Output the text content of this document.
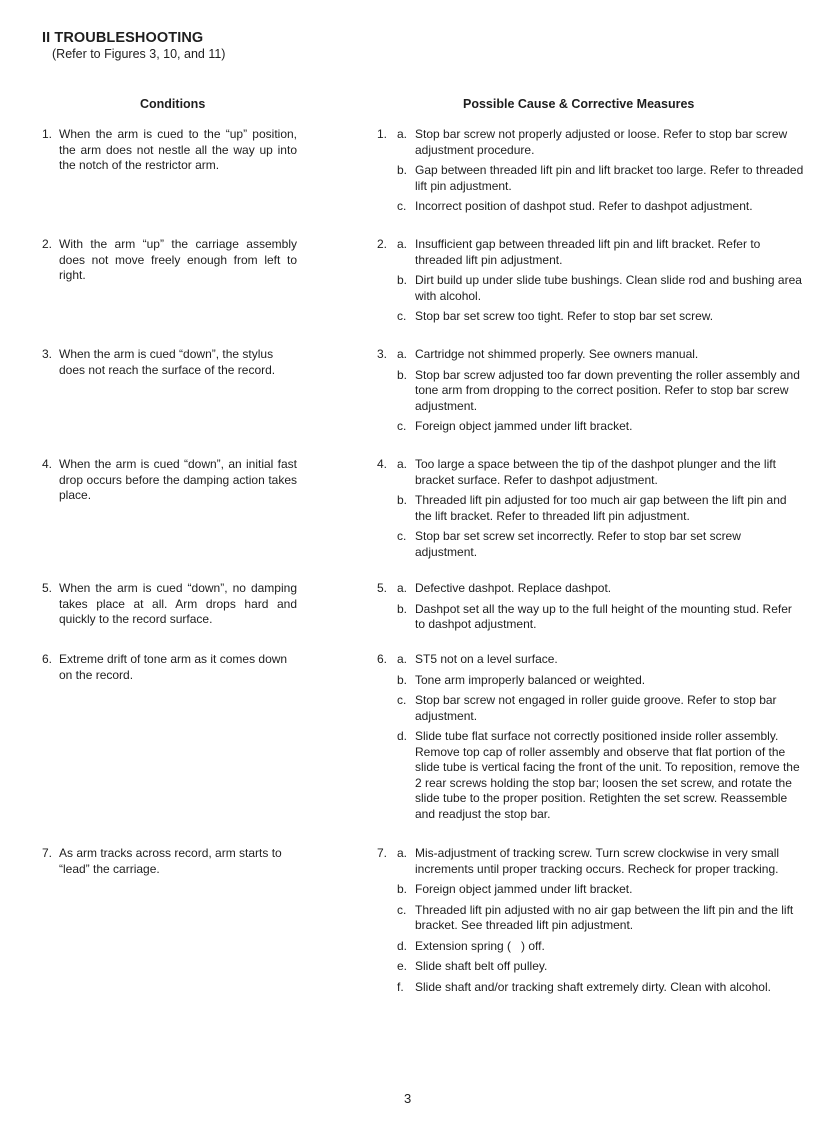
II TROUBLESHOOTING
(Refer to Figures 3, 10, and 11)
Conditions	Possible Cause & Corrective Measures
1. When the arm is cued to the “up” position, the arm does not nestle all the way up into the notch of the restrictor arm.
1. a. Stop bar screw not properly adjusted or loose. Refer to stop bar screw adjustment procedure.
b. Gap between threaded lift pin and lift bracket too large. Refer to threaded lift pin adjustment.
c. Incorrect position of dashpot stud. Refer to dashpot adjustment.
2. With the arm “up” the carriage assembly does not move freely enough from left to right.
2. a. Insufficient gap between threaded lift pin and lift bracket. Refer to threaded lift pin adjustment.
b. Dirt build up under slide tube bushings. Clean slide rod and bushing area with alcohol.
c. Stop bar set screw too tight. Refer to stop bar set screw.
3. When the arm is cued “down”, the stylus does not reach the surface of the record.
3. a. Cartridge not shimmed properly. See owners manual.
b. Stop bar screw adjusted too far down preventing the roller assembly and tone arm from dropping to the correct position. Refer to stop bar screw adjustment.
c. Foreign object jammed under lift bracket.
4. When the arm is cued “down”, an initial fast drop occurs before the damping action takes place.
4. a. Too large a space between the tip of the dashpot plunger and the lift bracket surface. Refer to dashpot adjustment.
b. Threaded lift pin adjusted for too much air gap between the lift pin and the lift bracket. Refer to threaded lift pin adjustment.
c. Stop bar set screw set incorrectly. Refer to stop bar set screw adjustment.
5. When the arm is cued “down”, no damping takes place at all. Arm drops hard and quickly to the record surface.
5. a. Defective dashpot. Replace dashpot.
b. Dashpot set all the way up to the full height of the mounting stud. Refer to dashpot adjustment.
6. Extreme drift of tone arm as it comes down on the record.
6. a. ST5 not on a level surface.
b. Tone arm improperly balanced or weighted.
c. Stop bar screw not engaged in roller guide groove. Refer to stop bar adjustment.
d. Slide tube flat surface not correctly positioned inside roller assembly. Remove top cap of roller assembly and observe that flat portion of the slide tube is vertical facing the front of the unit. To reposition, remove the 2 rear screws holding the stop bar; loosen the set screw, and rotate the slide tube to the proper position. Retighten the set screw. Reassemble and readjust the stop bar.
7. As arm tracks across record, arm starts to “lead” the carriage.
7. a. Mis-adjustment of tracking screw. Turn screw clockwise in very small increments until proper tracking occurs. Recheck for proper tracking.
b. Foreign object jammed under lift bracket.
c. Threaded lift pin adjusted with no air gap between the lift pin and the lift bracket. See threaded lift pin adjustment.
d. Extension spring (   ) off.
e. Slide shaft belt off pulley.
f. Slide shaft and/or tracking shaft extremely dirty. Clean with alcohol.
3
